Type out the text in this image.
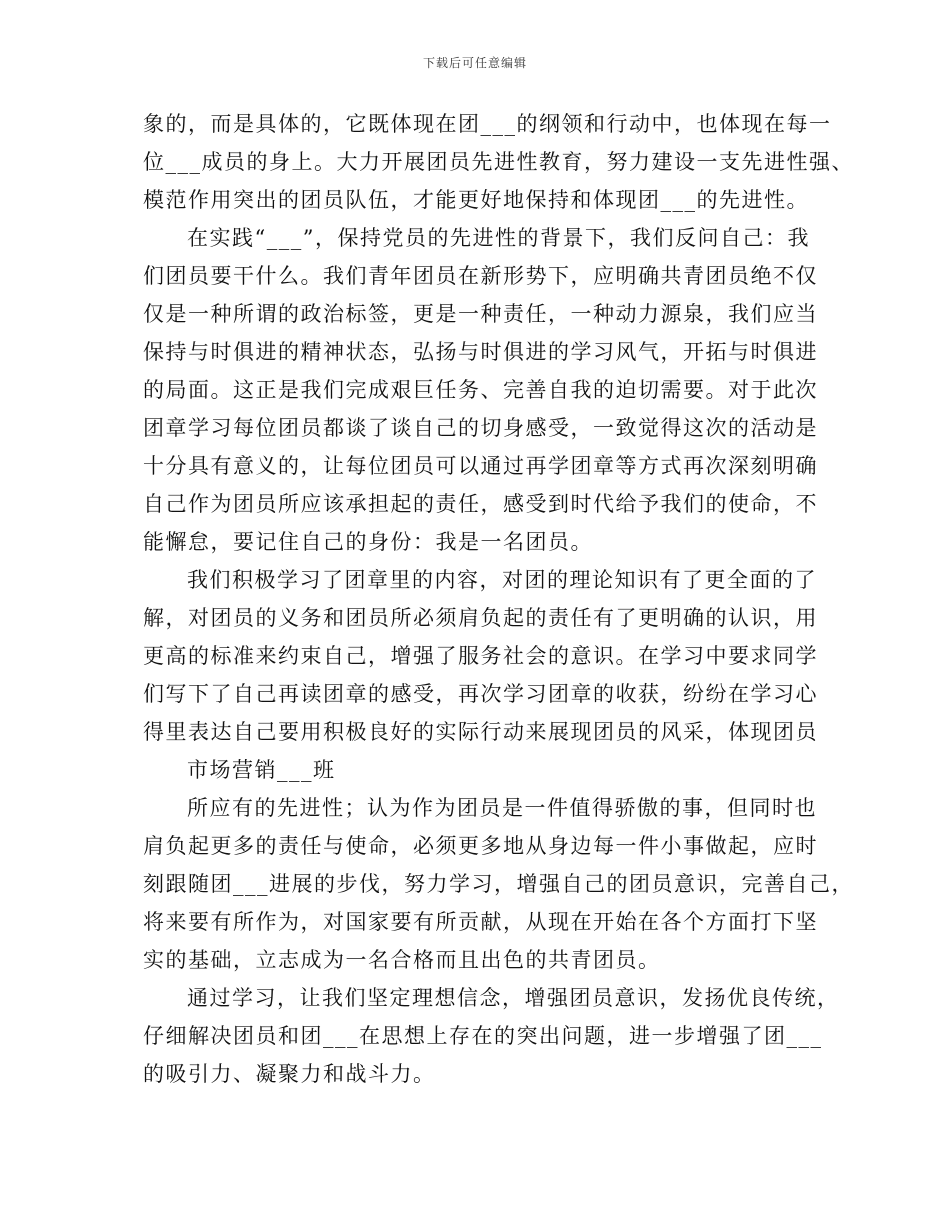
下载后可任意编辑
象的，而是具体的，它既体现在团___的纲领和行动中，也体现在每一
位___成员的身上。大力开展团员先进性教育，努力建设一支先进性强、
模范作用突出的团员队伍，才能更好地保持和体现团___的先进性。
在实践“___”，保持党员的先进性的背景下，我们反问自己：我
们团员要干什么。我们青年团员在新形势下，应明确共青团员绝不仅
仅是一种所谓的政治标签，更是一种责任，一种动力源泉，我们应当
保持与时俱进的精神状态，弘扬与时俱进的学习风气，开拓与时俱进
的局面。这正是我们完成艰巨任务、完善自我的迫切需要。对于此次
团章学习每位团员都谈了谈自己的切身感受，一致觉得这次的活动是
十分具有意义的，让每位团员可以通过再学团章等方式再次深刻明确
自己作为团员所应该承担起的责任，感受到时代给予我们的使命，不
能懈怠，要记住自己的身份：我是一名团员。
我们积极学习了团章里的内容，对团的理论知识有了更全面的了
解，对团员的义务和团员所必须肩负起的责任有了更明确的认识，用
更高的标准来约束自己，增强了服务社会的意识。在学习中要求同学
们写下了自己再读团章的感受，再次学习团章的收获，纷纷在学习心
得里表达自己要用积极良好的实际行动来展现团员的风采，体现团员
市场营销___班
所应有的先进性；认为作为团员是一件值得骄傲的事，但同时也
肩负起更多的责任与使命，必须更多地从身边每一件小事做起，应时
刻跟随团___进展的步伐，努力学习，增强自己的团员意识，完善自己，
将来要有所作为，对国家要有所贡献，从现在开始在各个方面打下坚
实的基础，立志成为一名合格而且出色的共青团员。
通过学习，让我们坚定理想信念，增强团员意识，发扬优良传统，
仔细解决团员和团___在思想上存在的突出问题，进一步增强了团___
的吸引力、凝聚力和战斗力。
